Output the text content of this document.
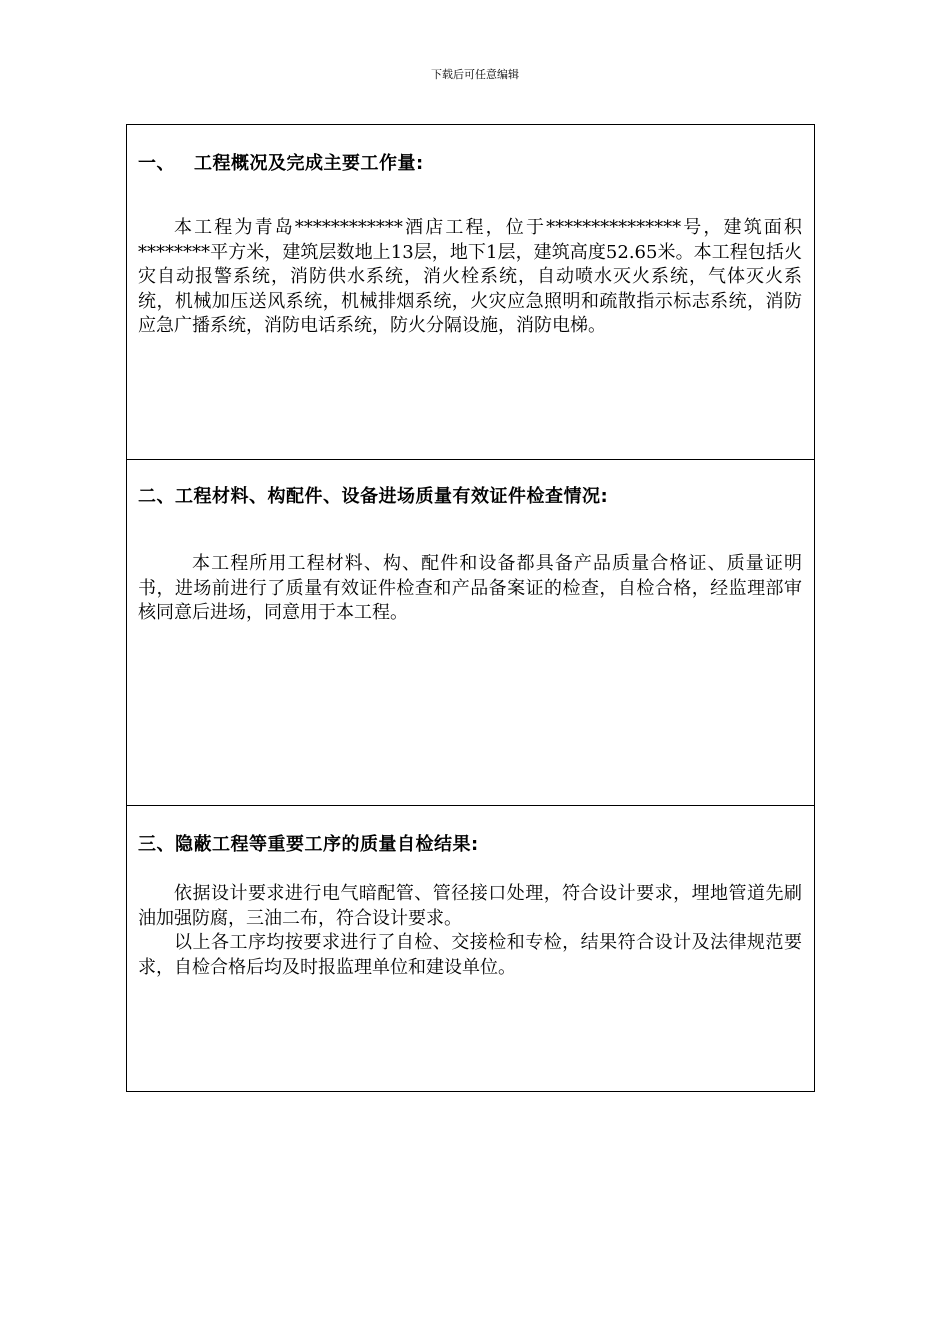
下载后可任意编辑
一、 工程概况及完成主要工作量:

本工程为青岛************酒店工程，位于***************号，建筑面积********平方米，建筑层数地上13层，地下1层，建筑高度52.65米。本工程包括火灾自动报警系统，消防供水系统，消火栓系统，自动喷水灭火系统，气体灭火系统，机械加压送风系统，机械排烟系统，火灾应急照明和疏散指示标志系统，消防应急广播系统，消防电话系统，防火分隔设施，消防电梯。

二、工程材料、构配件、设备进场质量有效证件检查情况:

本工程所用工程材料、构、配件和设备都具备产品质量合格证、质量证明书，进场前进行了质量有效证件检查和产品备案证的检查，自检合格，经监理部审核同意后进场，同意用于本工程。

三、隐蔽工程等重要工序的质量自检结果:

依据设计要求进行电气暗配管、管径接口处理，符合设计要求，埋地管道先刷油加强防腐，三油二布，符合设计要求。

以上各工序均按要求进行了自检、交接检和专检，结果符合设计及法律规范要求，自检合格后均及时报监理单位和建设单位。
